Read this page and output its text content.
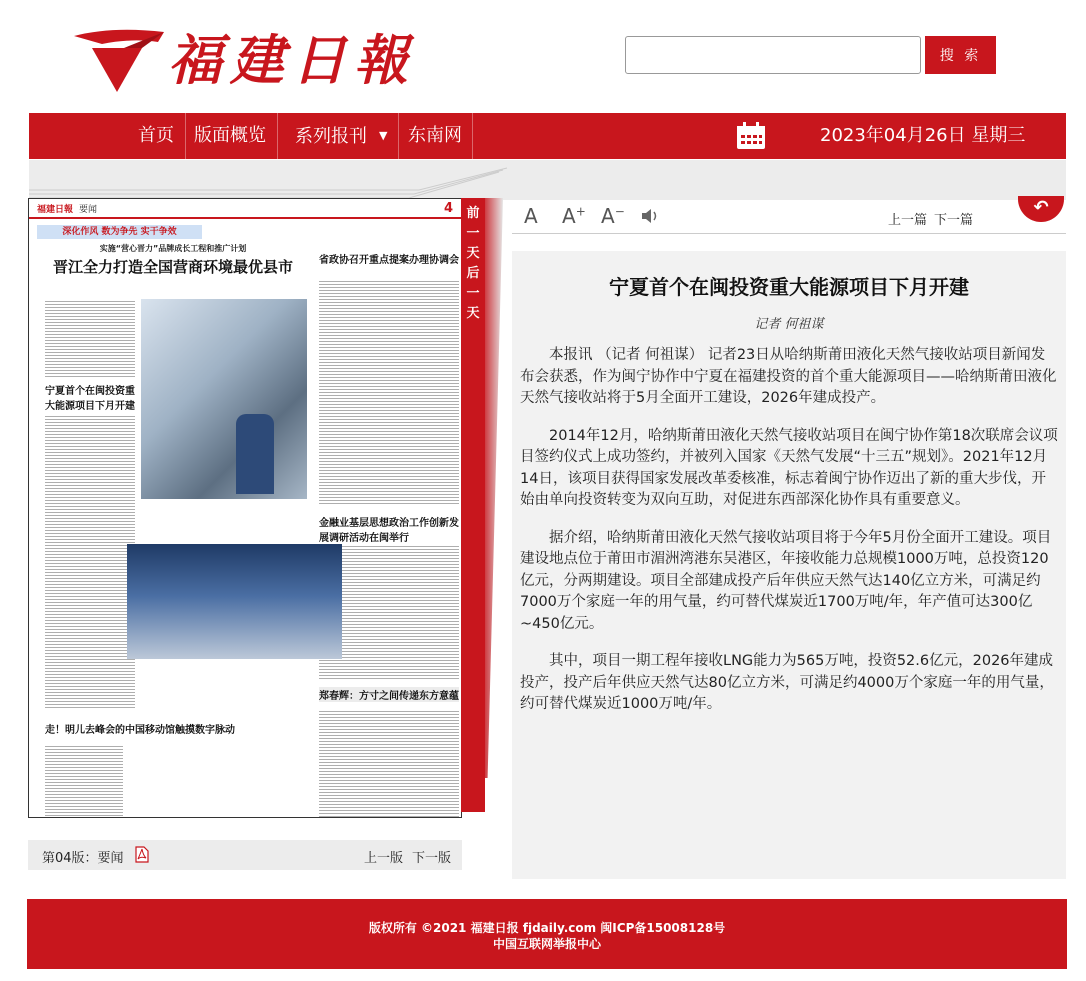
福建日報	搜 索
首页 版面概览 系列报刊 ▼ 东南网	2023年04月26日 星期三
福建日報 要闻	4
深化作风 数为争先 实干争效
实施“营心晋力”品牌成长工程和推广计划
晋江全力打造全国营商环境最优县市	省政协召开重点提案办理协调会
宁夏首个在闽投资重大能源项目下月开建
金融业基层思想政治工作创新发展调研活动在闽举行
郑春辉：方寸之间传递东方意蕴
走！明儿去峰会的中国移动馆触摸数字脉动
前一天
后一天
第04版：要闻	上一版 下一版
A A+ A−
上一篇 下一篇
↶
宁夏首个在闽投资重大能源项目下月开建
记者 何祖谋

本报讯 （记者 何祖谋） 记者23日从哈纳斯莆田液化天然气接收站项目新闻发布会获悉，作为闽宁协作中宁夏在福建投资的首个重大能源项目——哈纳斯莆田液化天然气接收站将于5月全面开工建设，2026年建成投产。

2014年12月，哈纳斯莆田液化天然气接收站项目在闽宁协作第18次联席会议项目签约仪式上成功签约，并被列入国家《天然气发展“十三五”规划》。2021年12月14日，该项目获得国家发展改革委核准，标志着闽宁协作迈出了新的重大步伐，开始由单向投资转变为双向互助，对促进东西部深化协作具有重要意义。

据介绍，哈纳斯莆田液化天然气接收站项目将于今年5月份全面开工建设。项目建设地点位于莆田市湄洲湾港东吴港区，年接收能力总规模1000万吨，总投资120亿元，分两期建设。项目全部建成投产后年供应天然气达140亿立方米，可满足约7000万个家庭一年的用气量，约可替代煤炭近1700万吨/年，年产值可达300亿~450亿元。

其中，项目一期工程年接收LNG能力为565万吨，投资52.6亿元，2026年建成投产，投产后年供应天然气达80亿立方米，可满足约4000万个家庭一年的用气量，约可替代煤炭近1000万吨/年。

版权所有 ©2021 福建日报 fjdaily.com 闽ICP备15008128号
中国互联网举报中心
